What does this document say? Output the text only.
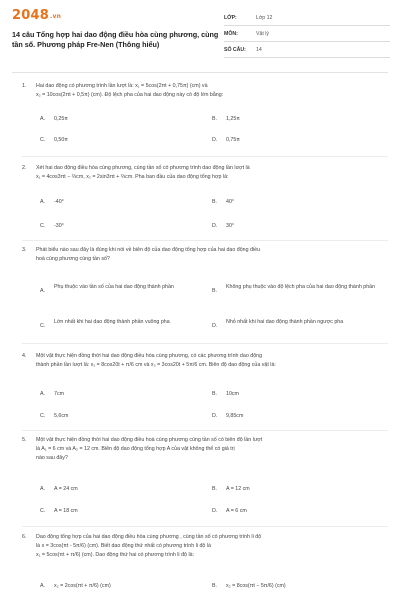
2048.vn
14 câu Tổng hợp hai dao động điều hòa cùng phương, cùng tần số. Phương pháp Fre-Nen (Thông hiểu)
LỚP:	Lớp 12
MÔN:	Vật lý
SỐ CÂU:	14
1. Hai dao động có phương trình lần lượt là: x₁ = 5cos(2πt + 0,75π) (cm) và
x₂ = 10cos(2πt + 0,5π) (cm). Độ lệch pha của hai dao động này có độ lớn bằng:
A. 0,25π	B. 1,25π
C. 0,50π	D. 0,75π
2. Xét hai dao động điều hòa cùng phương, cùng tần số có phương trình dao động lần lượt là
x₁ = 4cos3πt − ⅔cm, x₂ = 2sin3πt + ⅔cm. Pha ban đầu của dao động tổng hợp là:
A. -40°	B. 40°
C. -30°	D. 30°
3. Phát biểu nào sau đây là đúng khi nói về biên độ của dao động tổng hợp của hai dao động điều
hoà cùng phương cùng tần số?
A.
Phụ thuộc vào tần số của hai dao động thành phần
B.
Không phụ thuộc vào độ lệch pha của hai dao động thành phần
C.
Lớn nhất khi hai dao động thành phần vuông pha
D.
Nhỏ nhất khi hai dao động thành phần ngược pha
4. Một vật thực hiện đồng thời hai dao động điều hòa cùng phương, có các phương trình dao động
thành phần lần lượt là: x₁ = 8cos20t + π/6 cm và x₂ = 3cos20t + 5π/6 cm. Biên độ dao động của vật là:
A. 7cm	B. 10cm
C. 5,6cm	D. 9,85cm
5. Một vật thực hiện đồng thời hai dao động điều hoà cùng phương cùng tần số có biên độ lần lượt
là A₁ = 6 cm và A₂ = 12 cm. Biên độ dao động tổng hợp A của vật không thể có giá trị
nào sau đây?
A. A = 24 cm	B. A = 12 cm
C. A = 18 cm	D. A = 6 cm
6. Dao động tổng hợp của hai dao động điều hòa cùng phương , cùng tần số có phương trình li độ
là x = 3cos(πt - 5π/6) (cm). Biết dao động thứ nhất có phương trình li độ là
x₁ = 5cos(πt + π/6) (cm). Dao động thứ hai có phương trình li độ là:
A. x₂ = 2cos(πt + π/6) (cm)	B. x₂ = 8cos(πt − 5π/6) (cm)
